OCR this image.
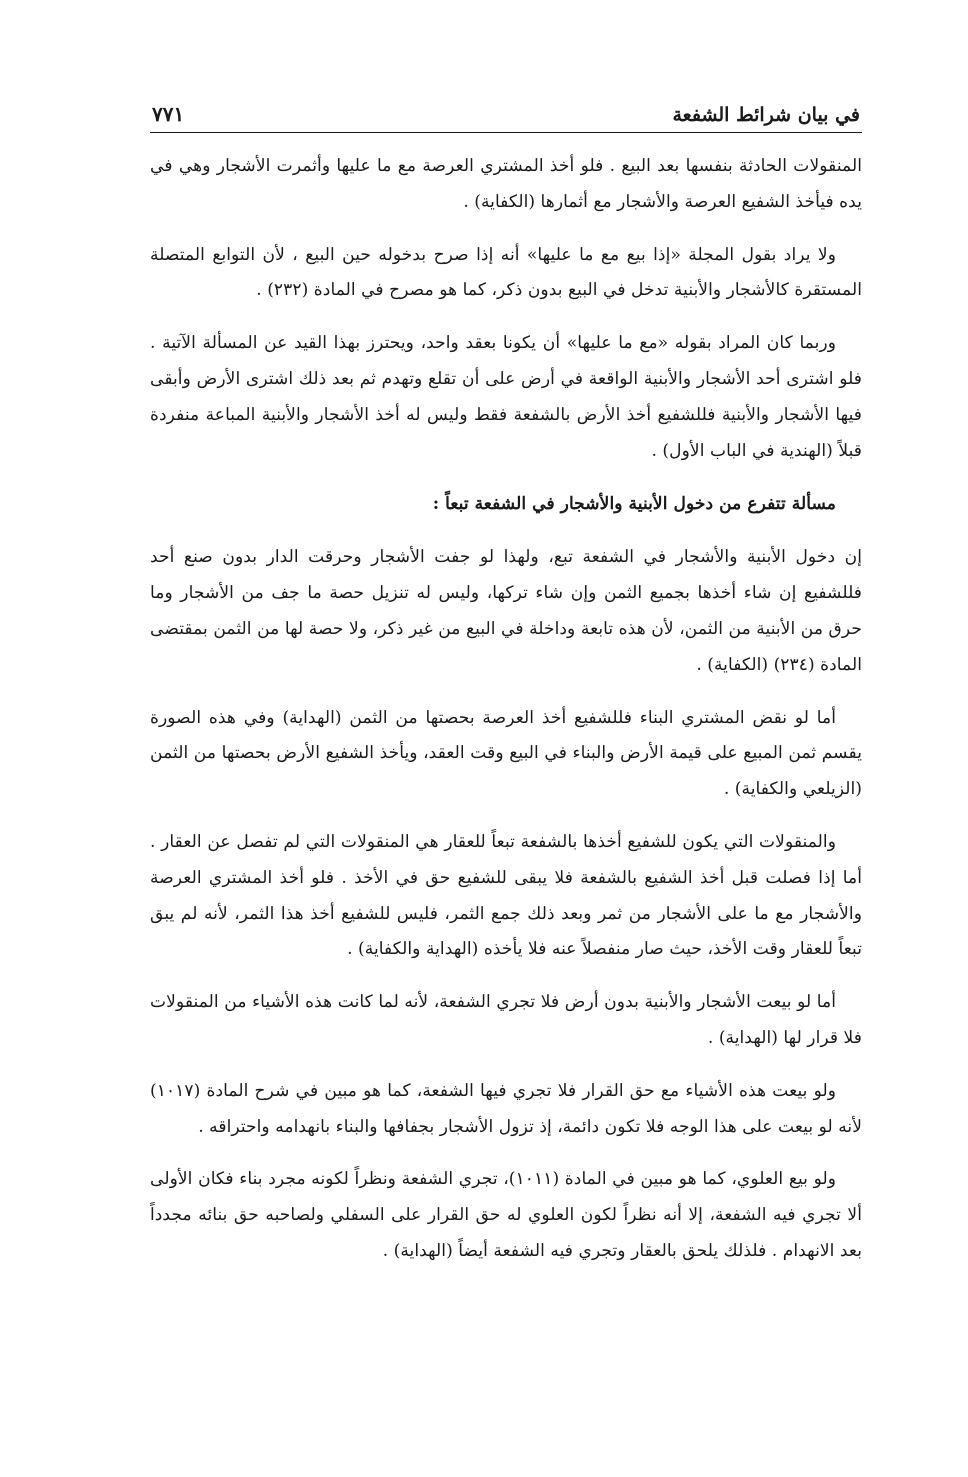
في بيان شرائط الشفعة
٧٧١

المنقولات الحادثة بنفسها بعد البيع . فلو أخذ المشتري العرصة مع ما عليها وأثمرت الأشجار وهي في يده فيأخذ الشفيع العرصة والأشجار مع أثمارها (الكفاية) .

ولا يراد بقول المجلة «إذا بيع مع ما عليها» أنه إذا صرح بدخوله حين البيع ، لأن التوابع المتصلة المستقرة كالأشجار والأبنية تدخل في البيع بدون ذكر، كما هو مصرح في المادة (٢٣٢) .

وربما كان المراد بقوله «مع ما عليها» أن يكونا بعقد واحد، ويحترز بهذا القيد عن المسألة الآتية . فلو اشترى أحد الأشجار والأبنية الواقعة في أرض على أن تقلع وتهدم ثم بعد ذلك اشترى الأرض وأبقى فيها الأشجار والأبنية فللشفيع أخذ الأرض بالشفعة فقط وليس له أخذ الأشجار والأبنية المباعة منفردة قبلاً (الهندية في الباب الأول) .

مسألة تتفرع من دخول الأبنية والأشجار في الشفعة تبعاً :

إن دخول الأبنية والأشجار في الشفعة تبع، ولهذا لو جفت الأشجار وحرقت الدار بدون صنع أحد فللشفيع إن شاء أخذها بجميع الثمن وإن شاء تركها، وليس له تنزيل حصة ما جف من الأشجار وما حرق من الأبنية من الثمن، لأن هذه تابعة وداخلة في البيع من غير ذكر، ولا حصة لها من الثمن بمقتضى المادة (٢٣٤) (الكفاية) .

أما لو نقض المشتري البناء فللشفيع أخذ العرصة بحصتها من الثمن (الهداية) وفي هذه الصورة يقسم ثمن المبيع على قيمة الأرض والبناء في البيع وقت العقد، ويأخذ الشفيع الأرض بحصتها من الثمن (الزيلعي والكفاية) .

والمنقولات التي يكون للشفيع أخذها بالشفعة تبعاً للعقار هي المنقولات التي لم تفصل عن العقار . أما إذا فصلت قبل أخذ الشفيع بالشفعة فلا يبقى للشفيع حق في الأخذ . فلو أخذ المشتري العرصة والأشجار مع ما على الأشجار من ثمر وبعد ذلك جمع الثمر، فليس للشفيع أخذ هذا الثمر، لأنه لم يبق تبعاً للعقار وقت الأخذ، حيث صار منفصلاً عنه فلا يأخذه (الهداية والكفاية) .

أما لو بيعت الأشجار والأبنية بدون أرض فلا تجري الشفعة، لأنه لما كانت هذه الأشياء من المنقولات فلا قرار لها (الهداية) .

ولو بيعت هذه الأشياء مع حق القرار فلا تجري فيها الشفعة، كما هو مبين في شرح المادة (١٠١٧) لأنه لو بيعت على هذا الوجه فلا تكون دائمة، إذ تزول الأشجار بجفافها والبناء بانهدامه واحتراقه .

ولو بيع العلوي، كما هو مبين في المادة (١٠١١)، تجري الشفعة ونظراً لكونه مجرد بناء فكان الأولى ألا تجري فيه الشفعة، إلا أنه نظراً لكون العلوي له حق القرار على السفلي ولصاحبه حق بنائه مجدداً بعد الانهدام . فلذلك يلحق بالعقار وتجري فيه الشفعة أيضاً (الهداية) .
